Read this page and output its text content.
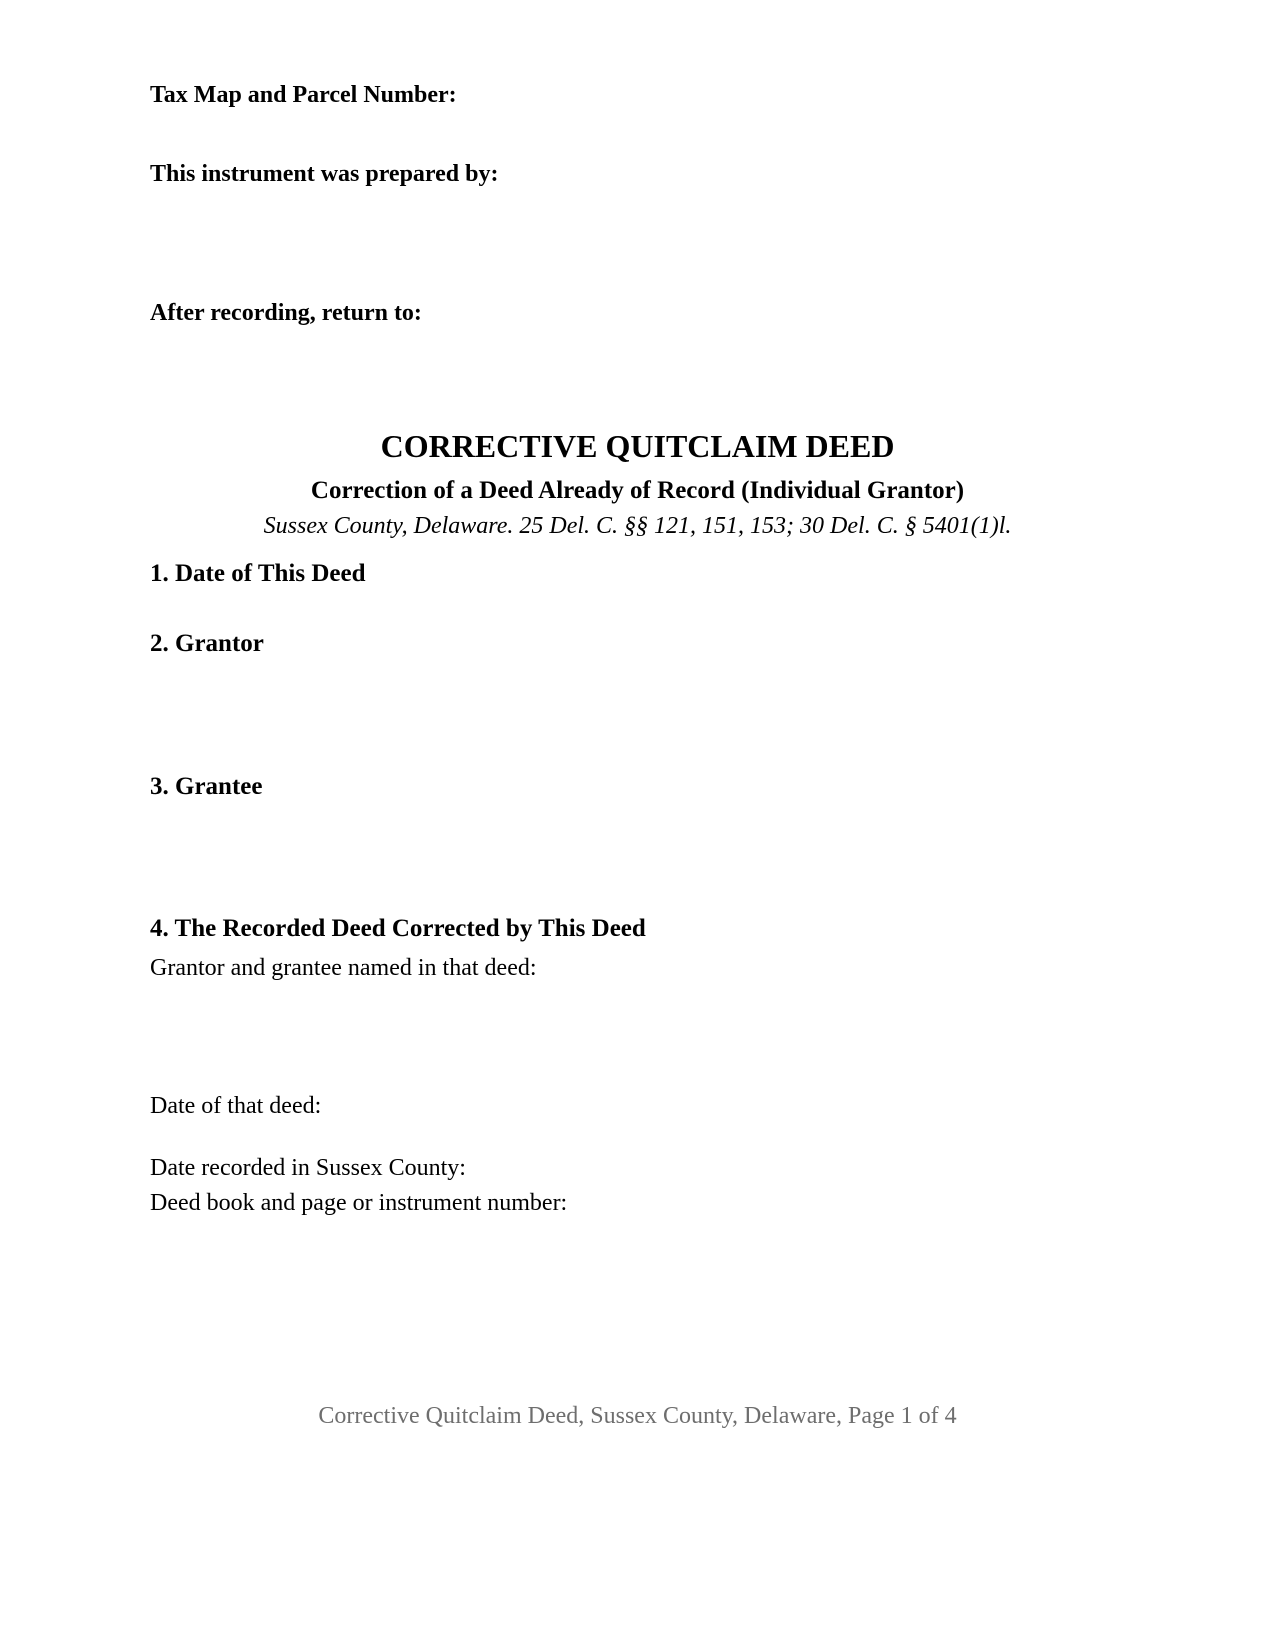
Tax Map and Parcel Number:
This instrument was prepared by:
After recording, return to:
CORRECTIVE QUITCLAIM DEED
Correction of a Deed Already of Record (Individual Grantor)
Sussex County, Delaware. 25 Del. C. §§ 121, 151, 153; 30 Del. C. § 5401(1)l.
1. Date of This Deed
2. Grantor
3. Grantee
4. The Recorded Deed Corrected by This Deed
Grantor and grantee named in that deed:
Date of that deed:
Date recorded in Sussex County:
Deed book and page or instrument number:
Corrective Quitclaim Deed, Sussex County, Delaware, Page 1 of 4
